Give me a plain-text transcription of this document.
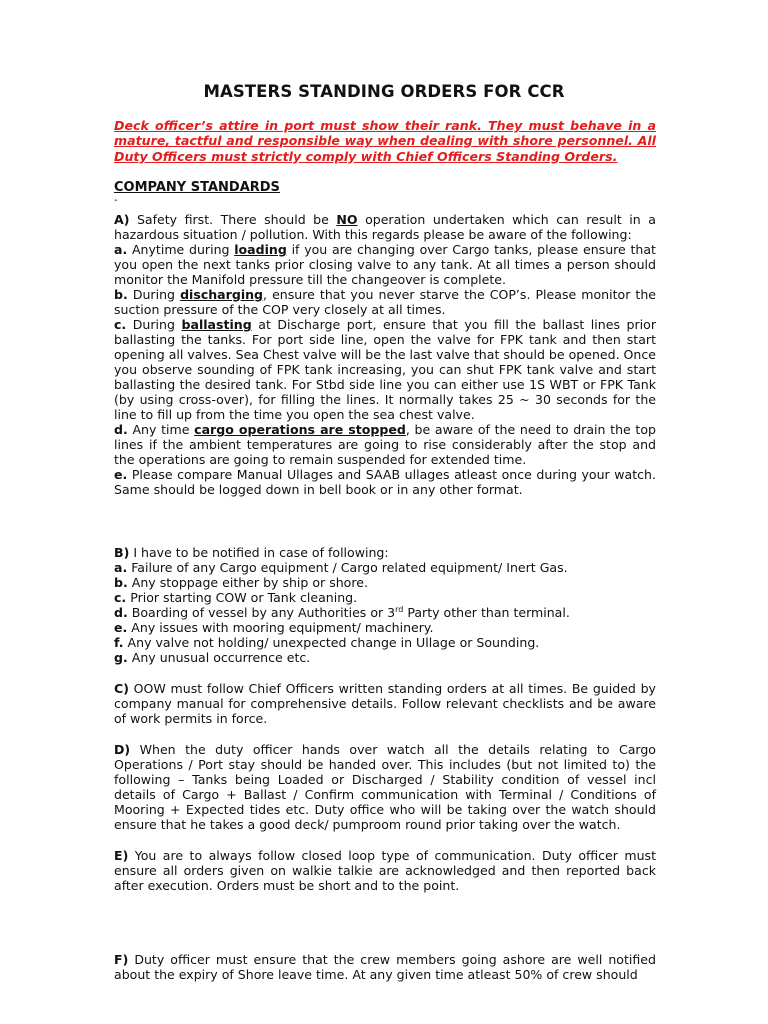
MASTERS STANDING ORDERS FOR CCR
Deck officer’s attire in port must show their rank. They must behave in a mature, tactful and responsible way when dealing with shore personnel. All Duty Officers must strictly comply with Chief Officers Standing Orders.
COMPANY STANDARDS
-

A) Safety first. There should be NO operation undertaken which can result in a hazardous situation / pollution. With this regards please be aware of the following:

a. Anytime during loading if you are changing over Cargo tanks, please ensure that you open the next tanks prior closing valve to any tank. At all times a person should monitor the Manifold pressure till the changeover is complete.

b. During discharging, ensure that you never starve the COP’s. Please monitor the suction pressure of the COP very closely at all times.

c. During ballasting at Discharge port, ensure that you fill the ballast lines prior ballasting the tanks. For port side line, open the valve for FPK tank and then start opening all valves. Sea Chest valve will be the last valve that should be opened. Once you observe sounding of FPK tank increasing, you can shut FPK tank valve and start ballasting the desired tank. For Stbd side line you can either use 1S WBT or FPK Tank (by using cross-over), for filling the lines. It normally takes 25 ~ 30 seconds for the line to fill up from the time you open the sea chest valve.

d. Any time cargo operations are stopped, be aware of the need to drain the top lines if the ambient temperatures are going to rise considerably after the stop and the operations are going to remain suspended for extended time.

e. Please compare Manual Ullages and SAAB ullages atleast once during your watch. Same should be logged down in bell book or in any other format.

B) I have to be notified in case of following:

a. Failure of any Cargo equipment / Cargo related equipment/ Inert Gas.

b. Any stoppage either by ship or shore.

c. Prior starting COW or Tank cleaning.

d. Boarding of vessel by any Authorities or 3rd Party other than terminal.

e. Any issues with mooring equipment/ machinery.

f. Any valve not holding/ unexpected change in Ullage or Sounding.

g. Any unusual occurrence etc.

C) OOW must follow Chief Officers written standing orders at all times. Be guided by company manual for comprehensive details. Follow relevant checklists and be aware of work permits in force.

D) When the duty officer hands over watch all the details relating to Cargo Operations / Port stay should be handed over. This includes (but not limited to) the following – Tanks being Loaded or Discharged / Stability condition of vessel incl details of Cargo + Ballast / Confirm communication with Terminal / Conditions of Mooring + Expected tides etc. Duty office who will be taking over the watch should ensure that he takes a good deck/ pumproom round prior taking over the watch.

E) You are to always follow closed loop type of communication. Duty officer must ensure all orders given on walkie talkie are acknowledged and then reported back after execution. Orders must be short and to the point.

F) Duty officer must ensure that the crew members going ashore are well notified about the expiry of Shore leave time. At any given time atleast 50% of crew should
